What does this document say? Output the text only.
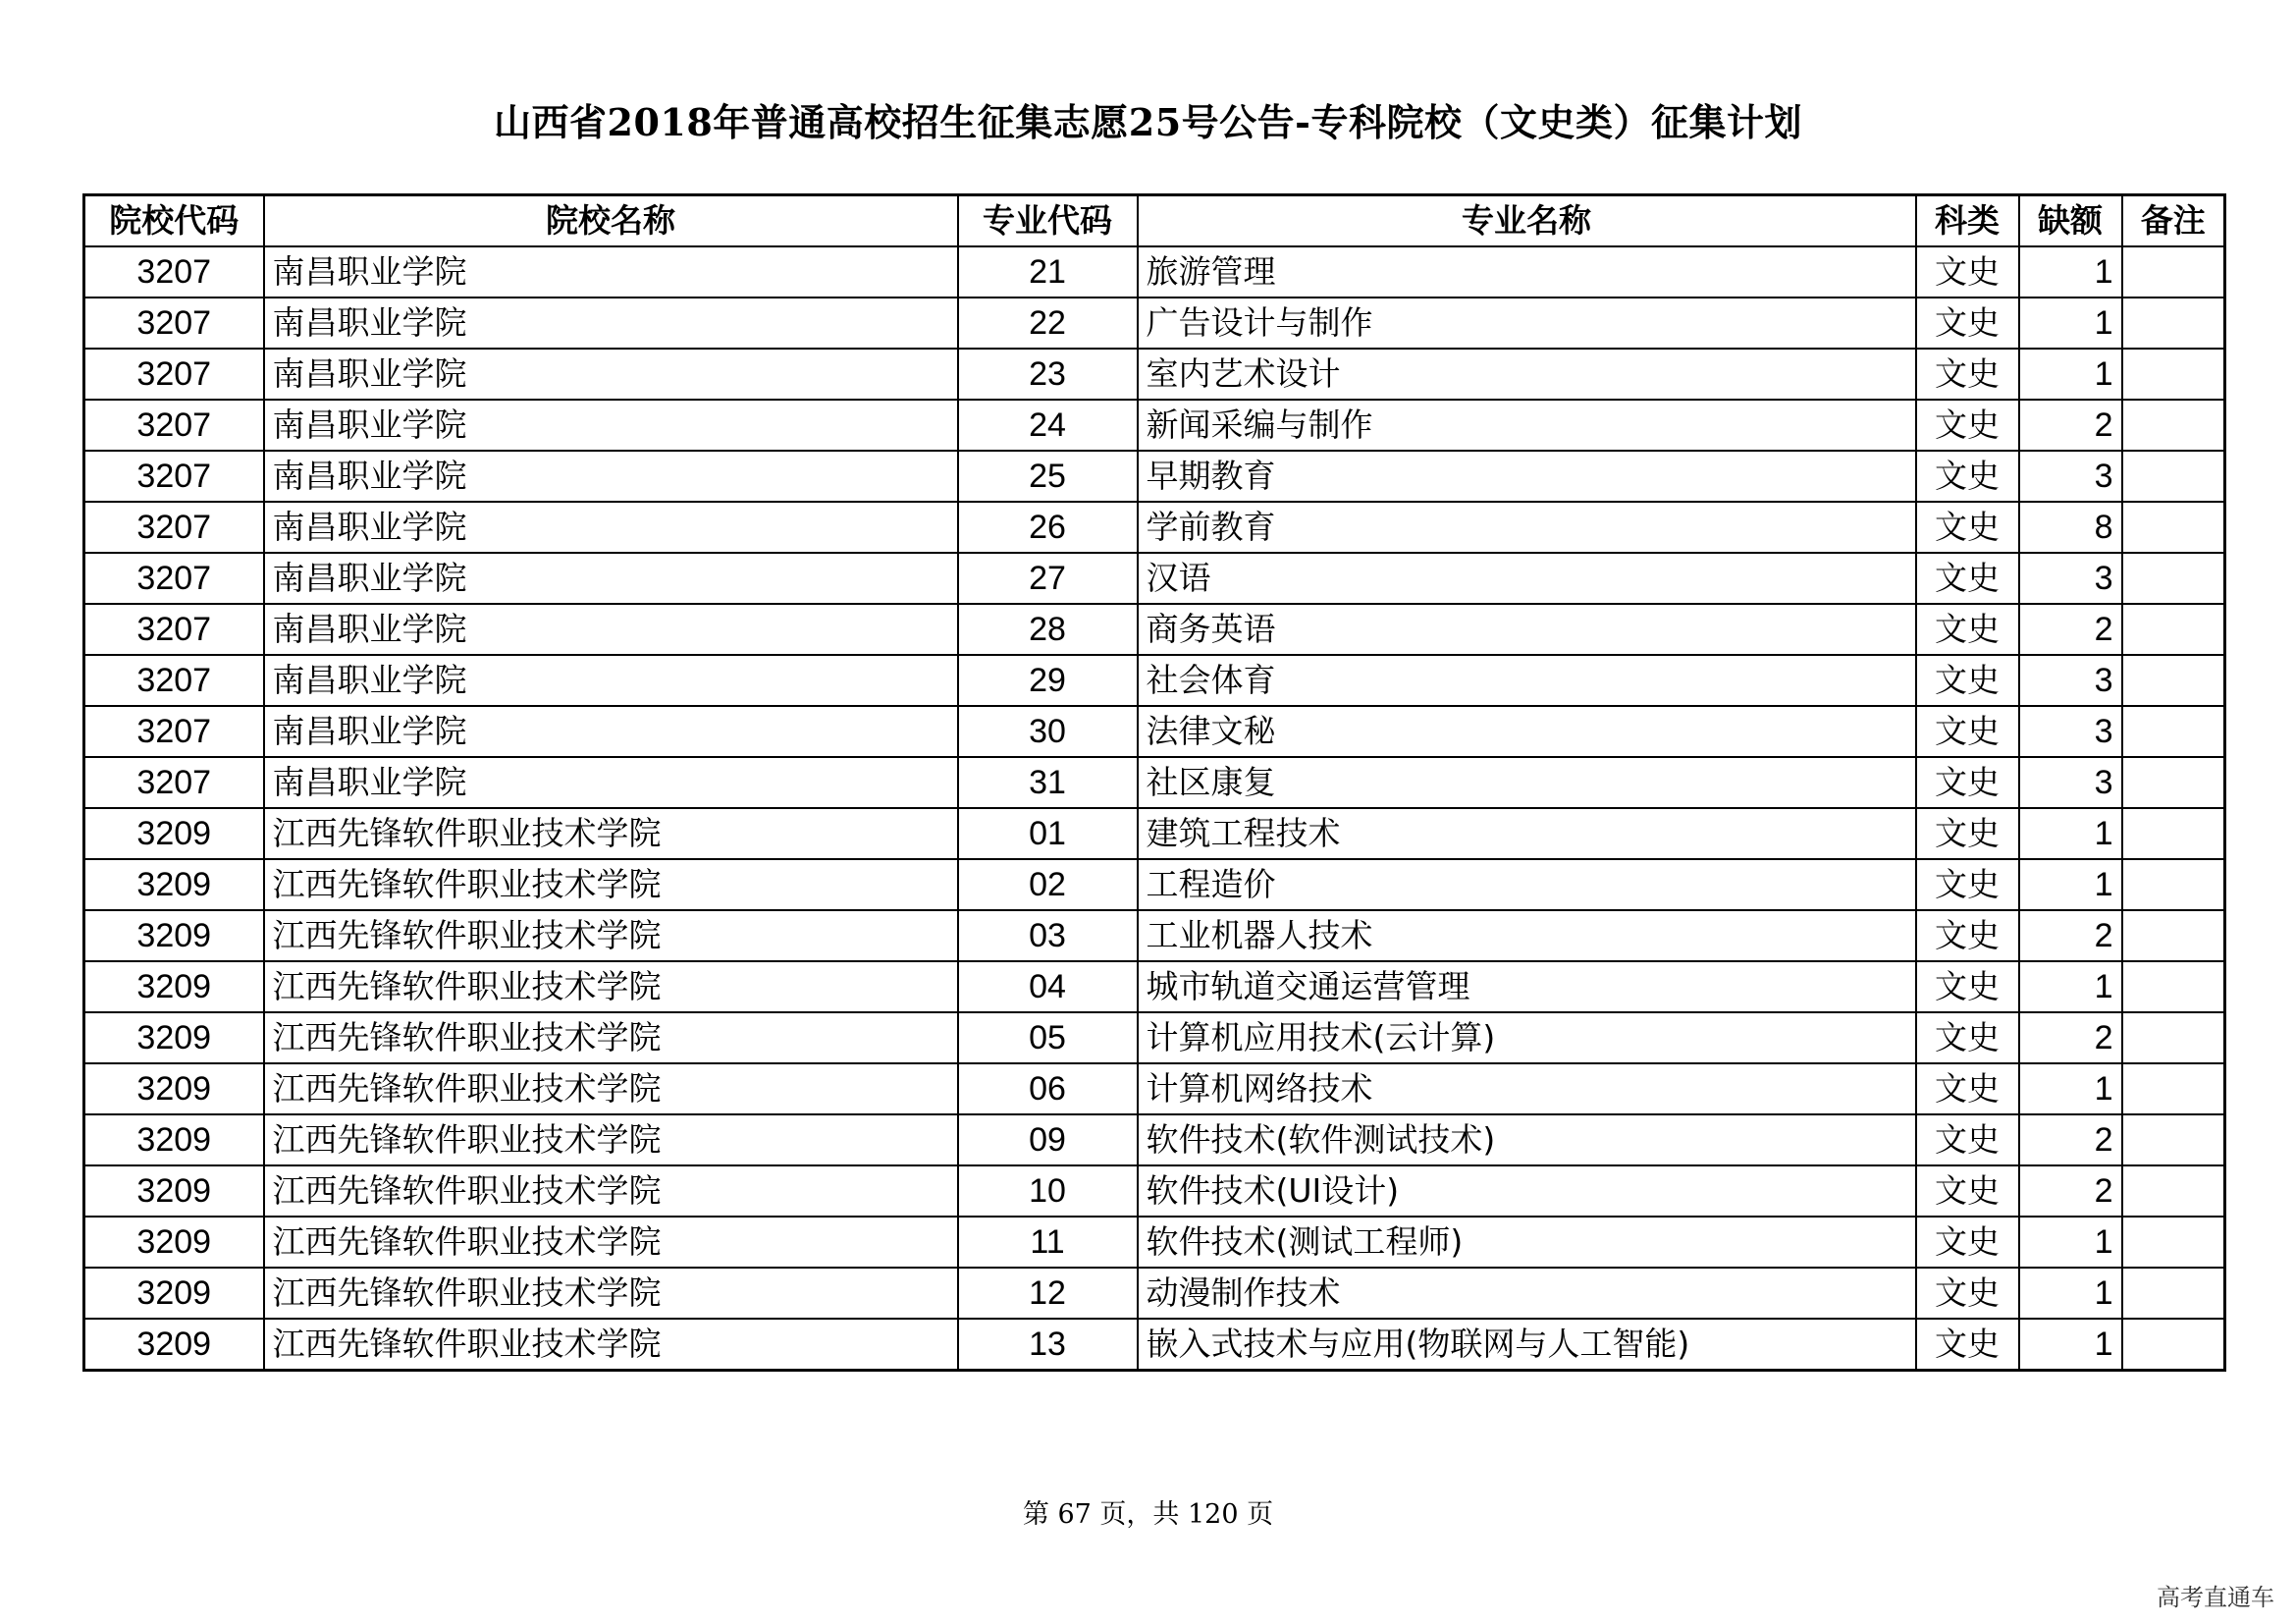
山西省2018年普通高校招生征集志愿25号公告-专科院校（文史类）征集计划
院校代码	院校名称	专业代码	专业名称	科类	缺额	备注
3207	南昌职业学院	21	旅游管理	文史	1	
3207	南昌职业学院	22	广告设计与制作	文史	1	
3207	南昌职业学院	23	室内艺术设计	文史	1	
3207	南昌职业学院	24	新闻采编与制作	文史	2	
3207	南昌职业学院	25	早期教育	文史	3	
3207	南昌职业学院	26	学前教育	文史	8	
3207	南昌职业学院	27	汉语	文史	3	
3207	南昌职业学院	28	商务英语	文史	2	
3207	南昌职业学院	29	社会体育	文史	3	
3207	南昌职业学院	30	法律文秘	文史	3	
3207	南昌职业学院	31	社区康复	文史	3	
3209	江西先锋软件职业技术学院	01	建筑工程技术	文史	1	
3209	江西先锋软件职业技术学院	02	工程造价	文史	1	
3209	江西先锋软件职业技术学院	03	工业机器人技术	文史	2	
3209	江西先锋软件职业技术学院	04	城市轨道交通运营管理	文史	1	
3209	江西先锋软件职业技术学院	05	计算机应用技术(云计算)	文史	2	
3209	江西先锋软件职业技术学院	06	计算机网络技术	文史	1	
3209	江西先锋软件职业技术学院	09	软件技术(软件测试技术)	文史	2	
3209	江西先锋软件职业技术学院	10	软件技术(UI设计)	文史	2	
3209	江西先锋软件职业技术学院	11	软件技术(测试工程师)	文史	1	
3209	江西先锋软件职业技术学院	12	动漫制作技术	文史	1	
3209	江西先锋软件职业技术学院	13	嵌入式技术与应用(物联网与人工智能)	文史	1	
第 67 页，共 120 页
高考直通车
